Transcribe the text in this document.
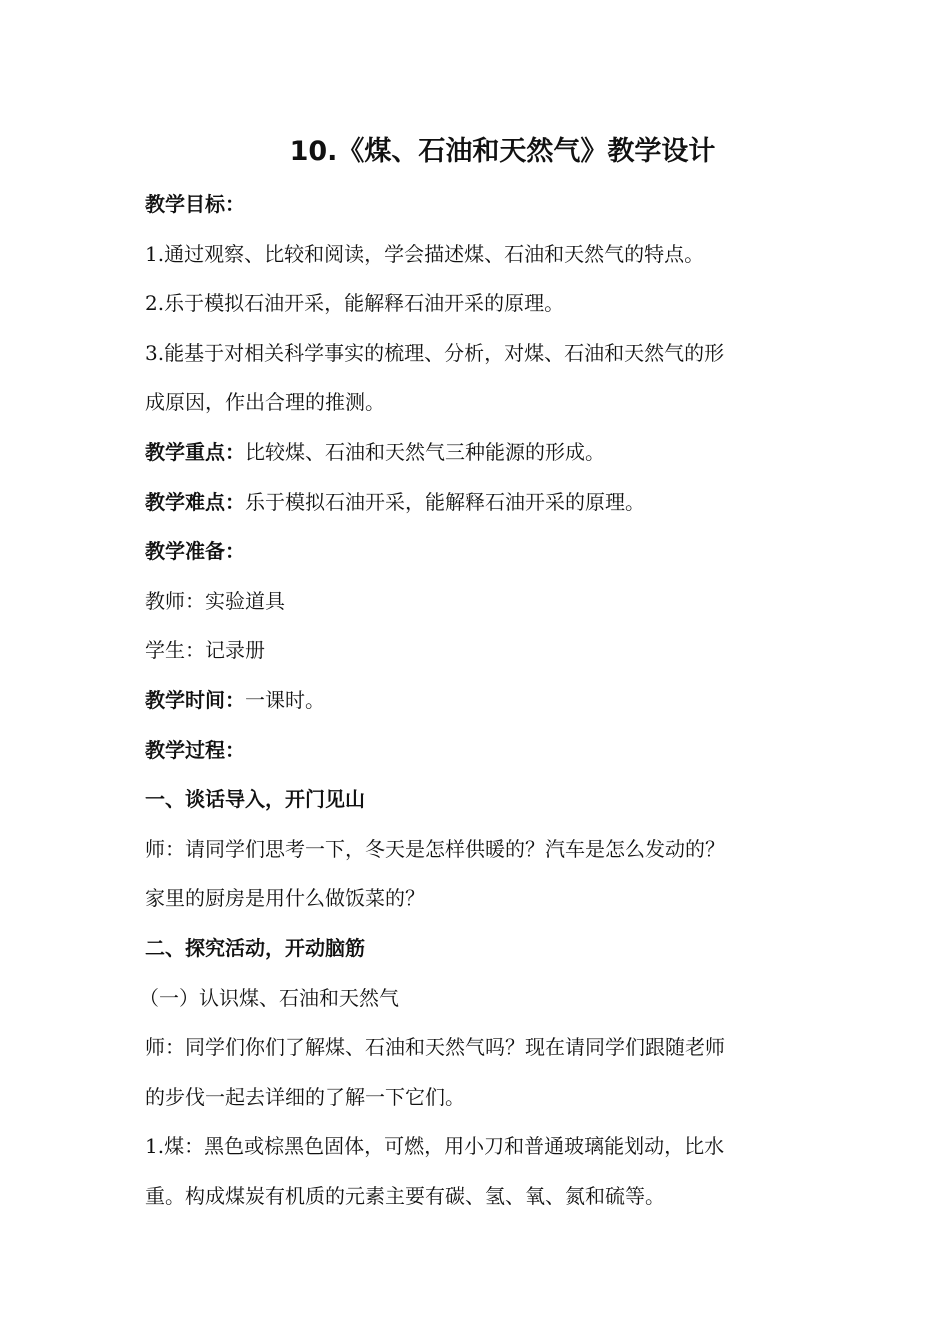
10.《煤、石油和天然气》教学设计
教学目标：
1.通过观察、比较和阅读，学会描述煤、石油和天然气的特点。
2.乐于模拟石油开采，能解释石油开采的原理。
3.能基于对相关科学事实的梳理、分析，对煤、石油和天然气的形
成原因，作出合理的推测。
教学重点：比较煤、石油和天然气三种能源的形成。
教学难点：乐于模拟石油开采，能解释石油开采的原理。
教学准备：
教师：实验道具
学生：记录册
教学时间：一课时。
教学过程：
一、谈话导入，开门见山
师：请同学们思考一下，冬天是怎样供暖的？汽车是怎么发动的？
家里的厨房是用什么做饭菜的？
二、探究活动，开动脑筋
（一）认识煤、石油和天然气
师：同学们你们了解煤、石油和天然气吗？现在请同学们跟随老师
的步伐一起去详细的了解一下它们。
1.煤：黑色或棕黑色固体，可燃，用小刀和普通玻璃能划动，比水
重。构成煤炭有机质的元素主要有碳、氢、氧、氮和硫等。
